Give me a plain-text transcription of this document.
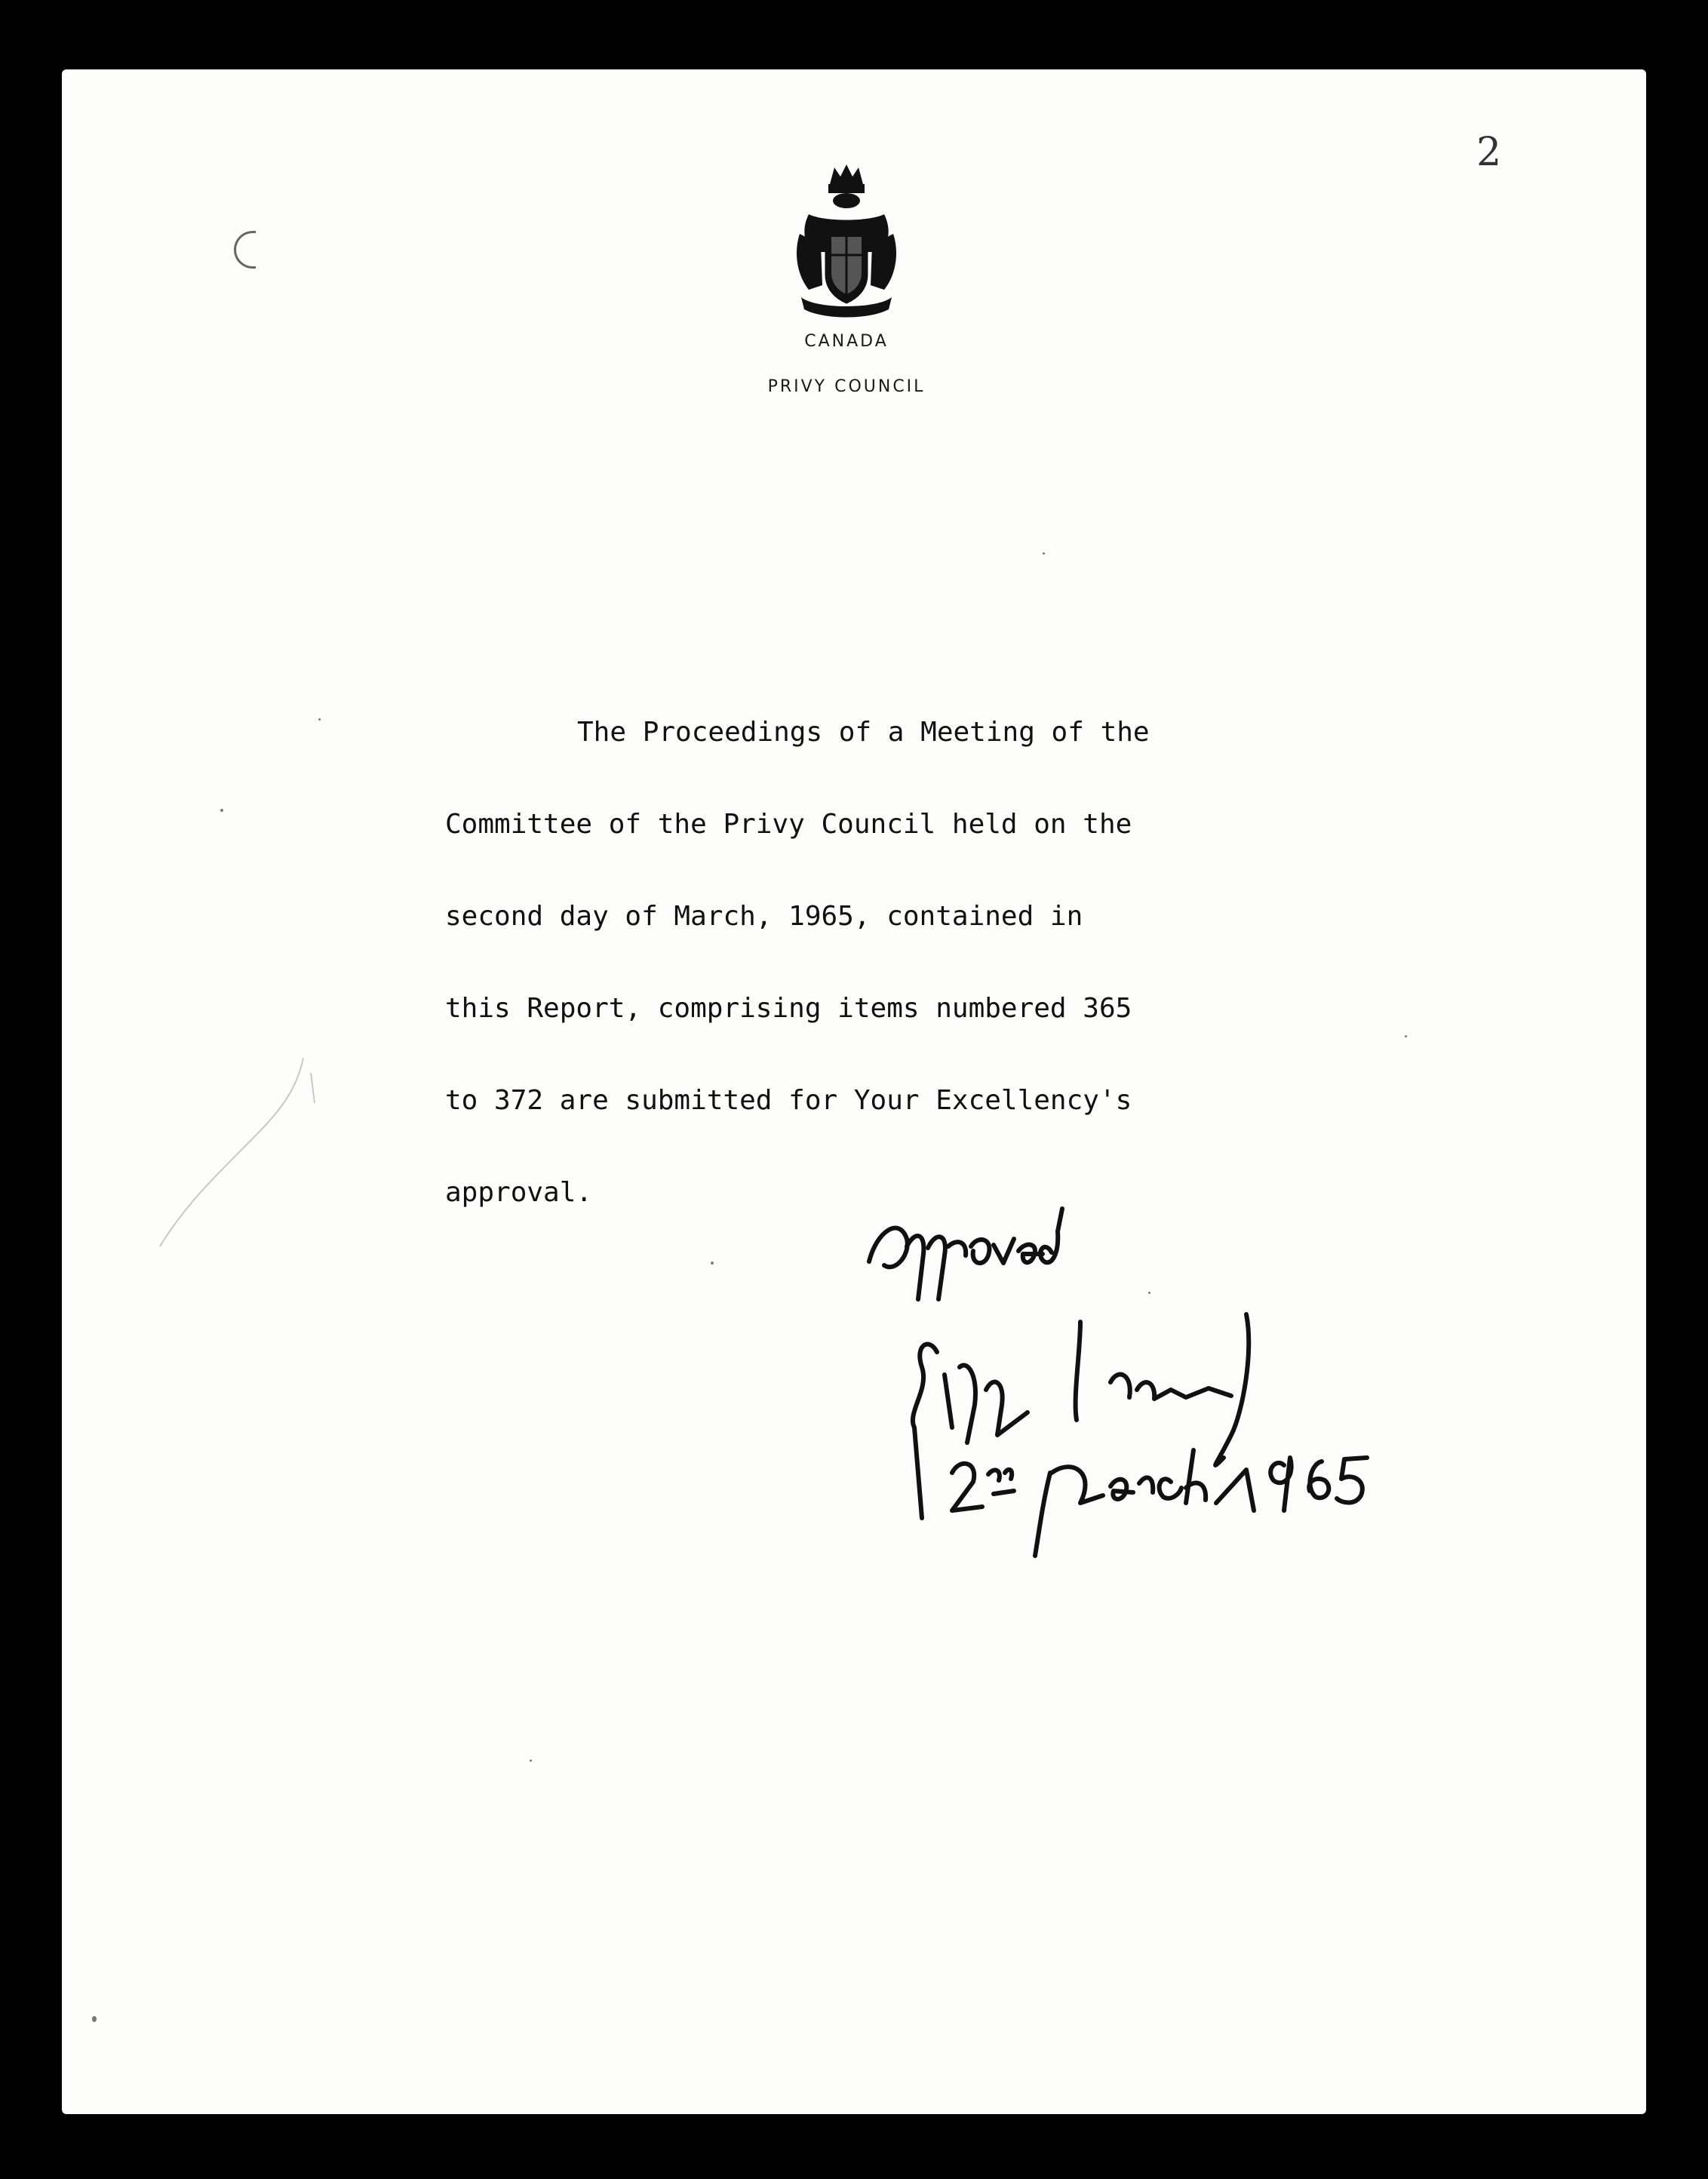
2
CANADA
PRIVY COUNCIL
The Proceedings of a Meeting of the
Committee of the Privy Council held on the
second day of March, 1965, contained in
this Report, comprising items numbered 365
to 372 are submitted for Your Excellency's
approval.
